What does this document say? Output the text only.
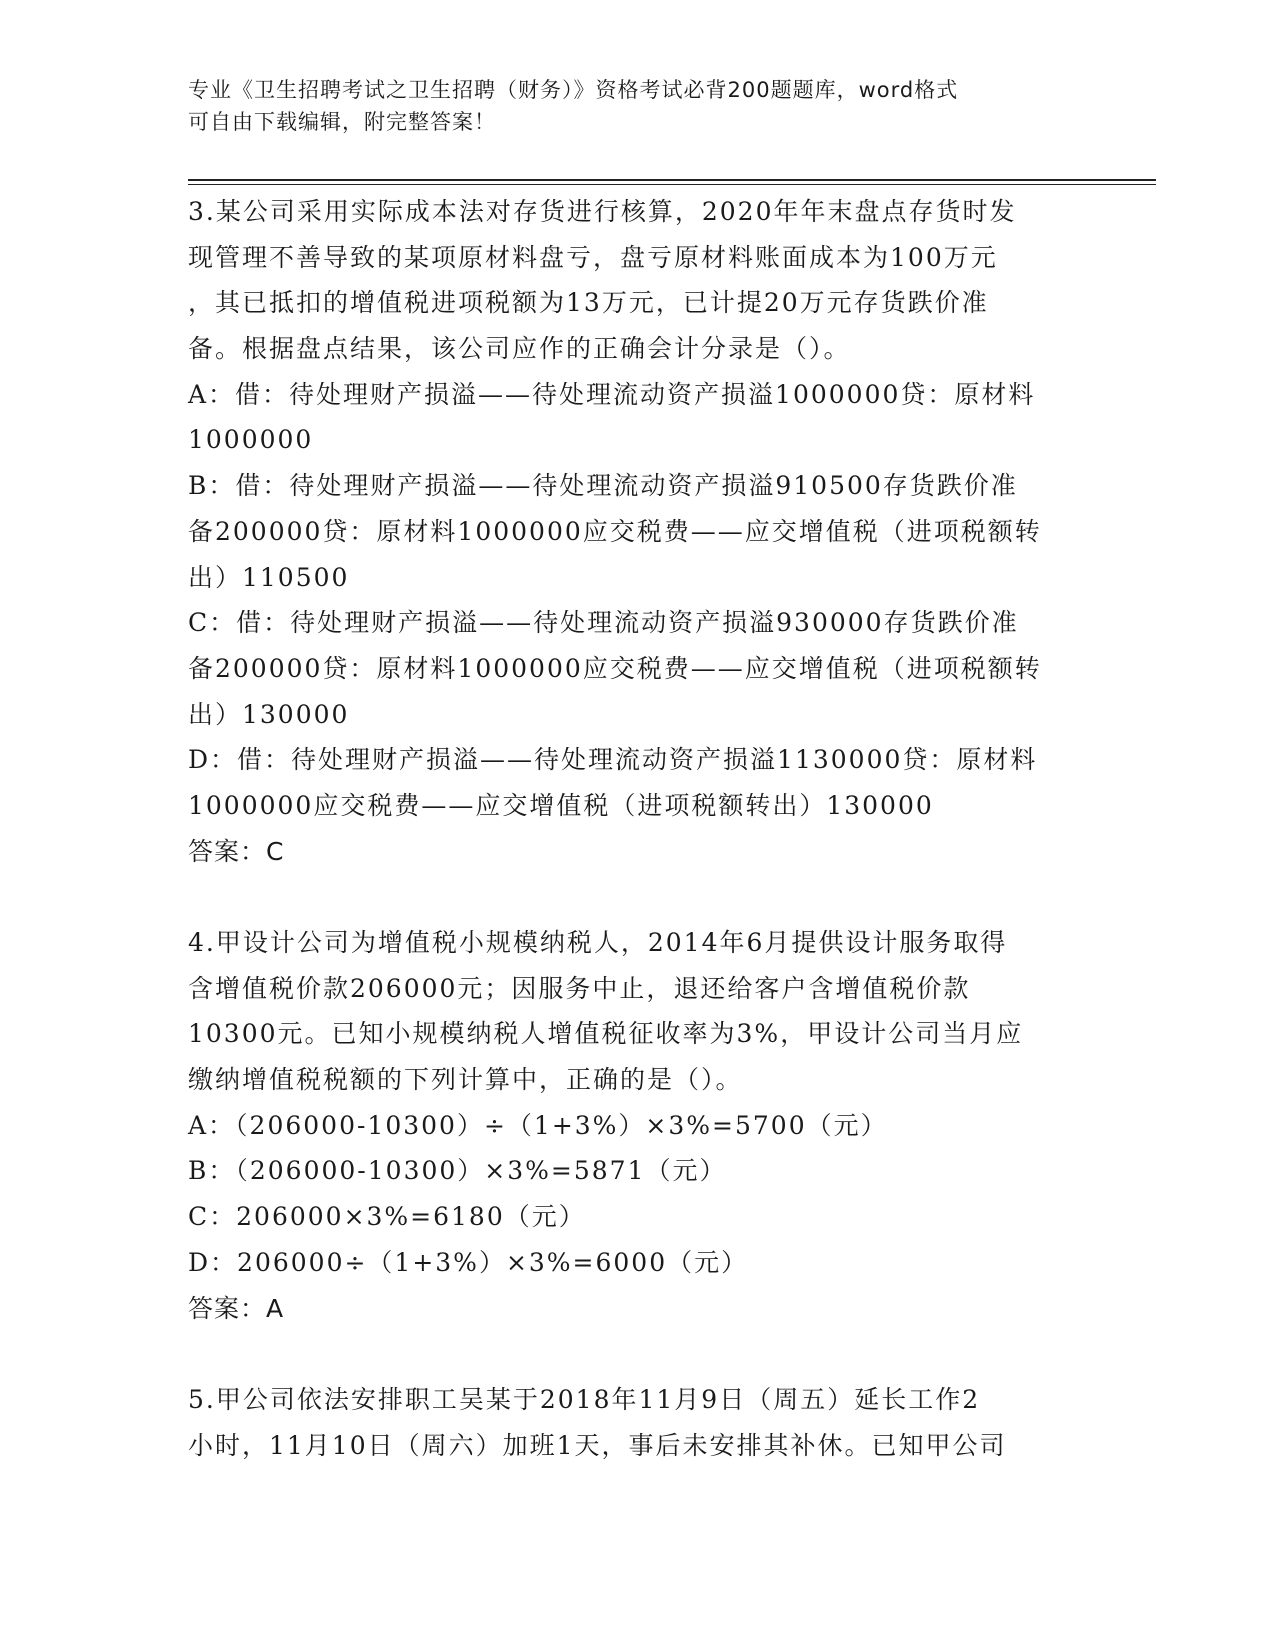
专业《卫生招聘考试之卫生招聘（财务）》资格考试必背200题题库，word格式
可自由下载编辑，附完整答案！
3.某公司采用实际成本法对存货进行核算，2020年年末盘点存货时发
现管理不善导致的某项原材料盘亏，盘亏原材料账面成本为100万元
，其已抵扣的增值税进项税额为13万元，已计提20万元存货跌价准
备。根据盘点结果，该公司应作的正确会计分录是（）。
A：借：待处理财产损溢——待处理流动资产损溢1000000贷：原材料
1000000
B：借：待处理财产损溢——待处理流动资产损溢910500存货跌价准
备200000贷：原材料1000000应交税费——应交增值税（进项税额转
出）110500
C：借：待处理财产损溢——待处理流动资产损溢930000存货跌价准
备200000贷：原材料1000000应交税费——应交增值税（进项税额转
出）130000
D：借：待处理财产损溢——待处理流动资产损溢1130000贷：原材料
1000000应交税费——应交增值税（进项税额转出）130000
答案：C
4.甲设计公司为增值税小规模纳税人，2014年6月提供设计服务取得
含增值税价款206000元；因服务中止，退还给客户含增值税价款
10300元。已知小规模纳税人增值税征收率为3%，甲设计公司当月应
缴纳增值税税额的下列计算中，正确的是（）。
A：（206000-10300）÷（1+3%）×3%=5700（元）
B：（206000-10300）×3%=5871（元）
C：206000×3%=6180（元）
D：206000÷（1+3%）×3%=6000（元）
答案：A
5.甲公司依法安排职工吴某于2018年11月9日（周五）延长工作2
小时，11月10日（周六）加班1天，事后未安排其补休。已知甲公司
